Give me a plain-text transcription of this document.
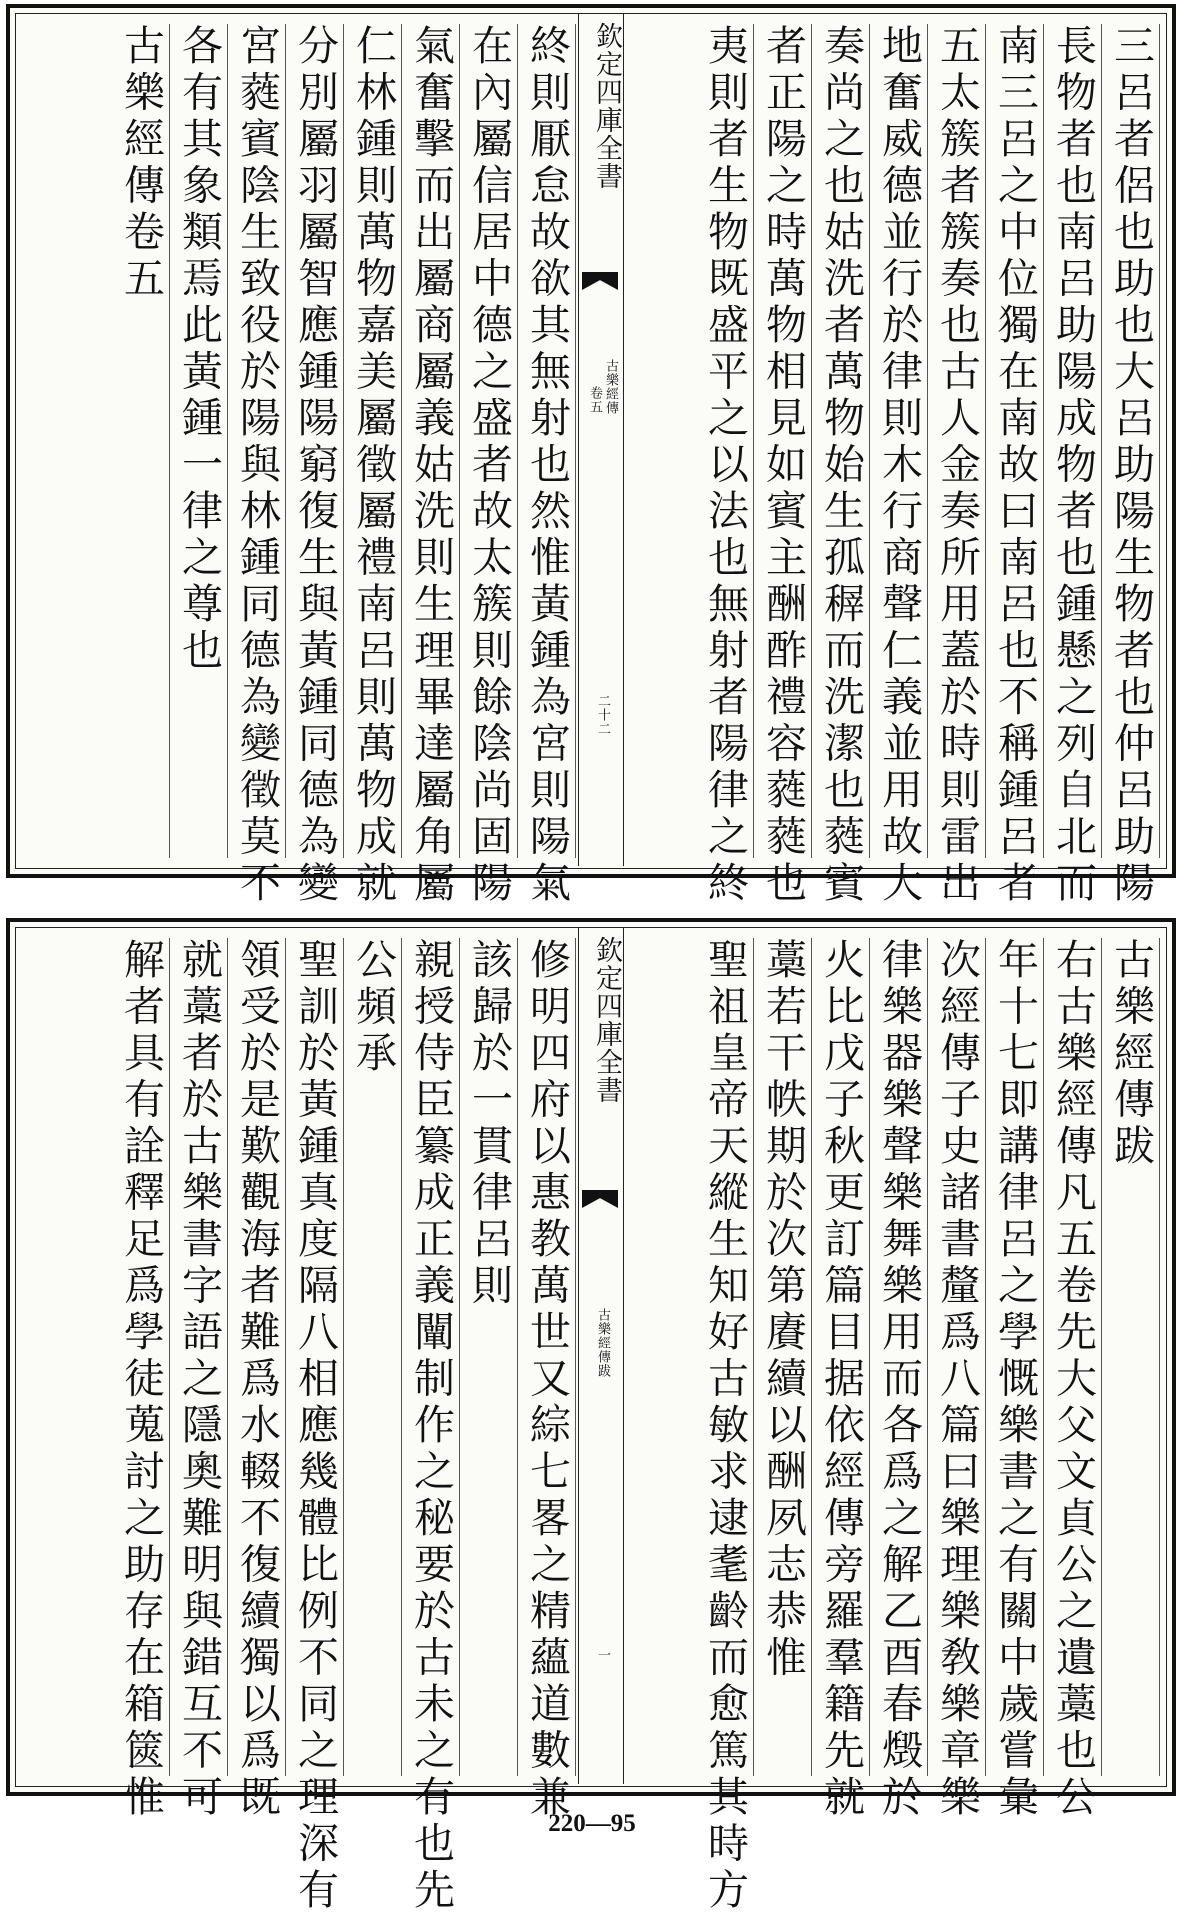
三呂者侶也助也大呂助陽生物者也仲呂助陽
長物者也南呂助陽成物者也鍾懸之列自北而
南三呂之中位獨在南故曰南呂也不稱鍾呂者
五太簇者簇奏也古人金奏所用蓋於時則雷出
地奮威德並行於律則木行商聲仁義並用故大
奏尚之也姑洗者萬物始生孤稺而洗潔也蕤賓
者正陽之時萬物相見如賓主酬酢禮容蕤蕤也
夷則者生物既盛平之以法也無射者陽律之終
終則厭怠故欲其無射也然惟黃鍾為宮則陽氣
在內屬信居中德之盛者故太簇則餘陰尚固陽
氣奮擊而出屬商屬義姑洗則生理畢達屬角屬
仁林鍾則萬物嘉美屬徵屬禮南呂則萬物成就
分別屬羽屬智應鍾陽窮復生與黃鍾同德為變
宮蕤賓陰生致役於陽與林鍾同德為變徵莫不
各有其象類焉此黃鍾一律之尊也
古樂經傳卷五	欽定四庫全書
古樂經傳
卷五
二十二
古樂經傳跋
右古樂經傳凡五卷先大父文貞公之遺藁也公
年十七即講律呂之學慨樂書之有關中歲嘗彙
次經傳子史諸書釐爲八篇曰樂理樂敎樂章樂
律樂器樂聲樂舞樂用而各爲之解乙酉春燬於
火比戊子秋更訂篇目据依經傳旁羅羣籍先就
藁若干帙期於次第賡續以酬夙志恭惟
聖祖皇帝天縱生知好古敏求逮耄齡而愈篤其時方
修明四府以惠教萬世又綜七畧之精蘊道數兼
該歸於一貫律呂則
親授侍臣纂成正義闡制作之秘要於古未之有也先
公頻承
聖訓於黃鍾真度隔八相應幾體比例不同之理深有
領受於是歎觀海者難爲水輟不復續獨以爲既
就藁者於古樂書字語之隱奧難明與錯互不可
解者具有詮釋足爲學徒蒐討之助存在箱篋惟	欽定四庫全書
古樂經傳跋
一
220—95
